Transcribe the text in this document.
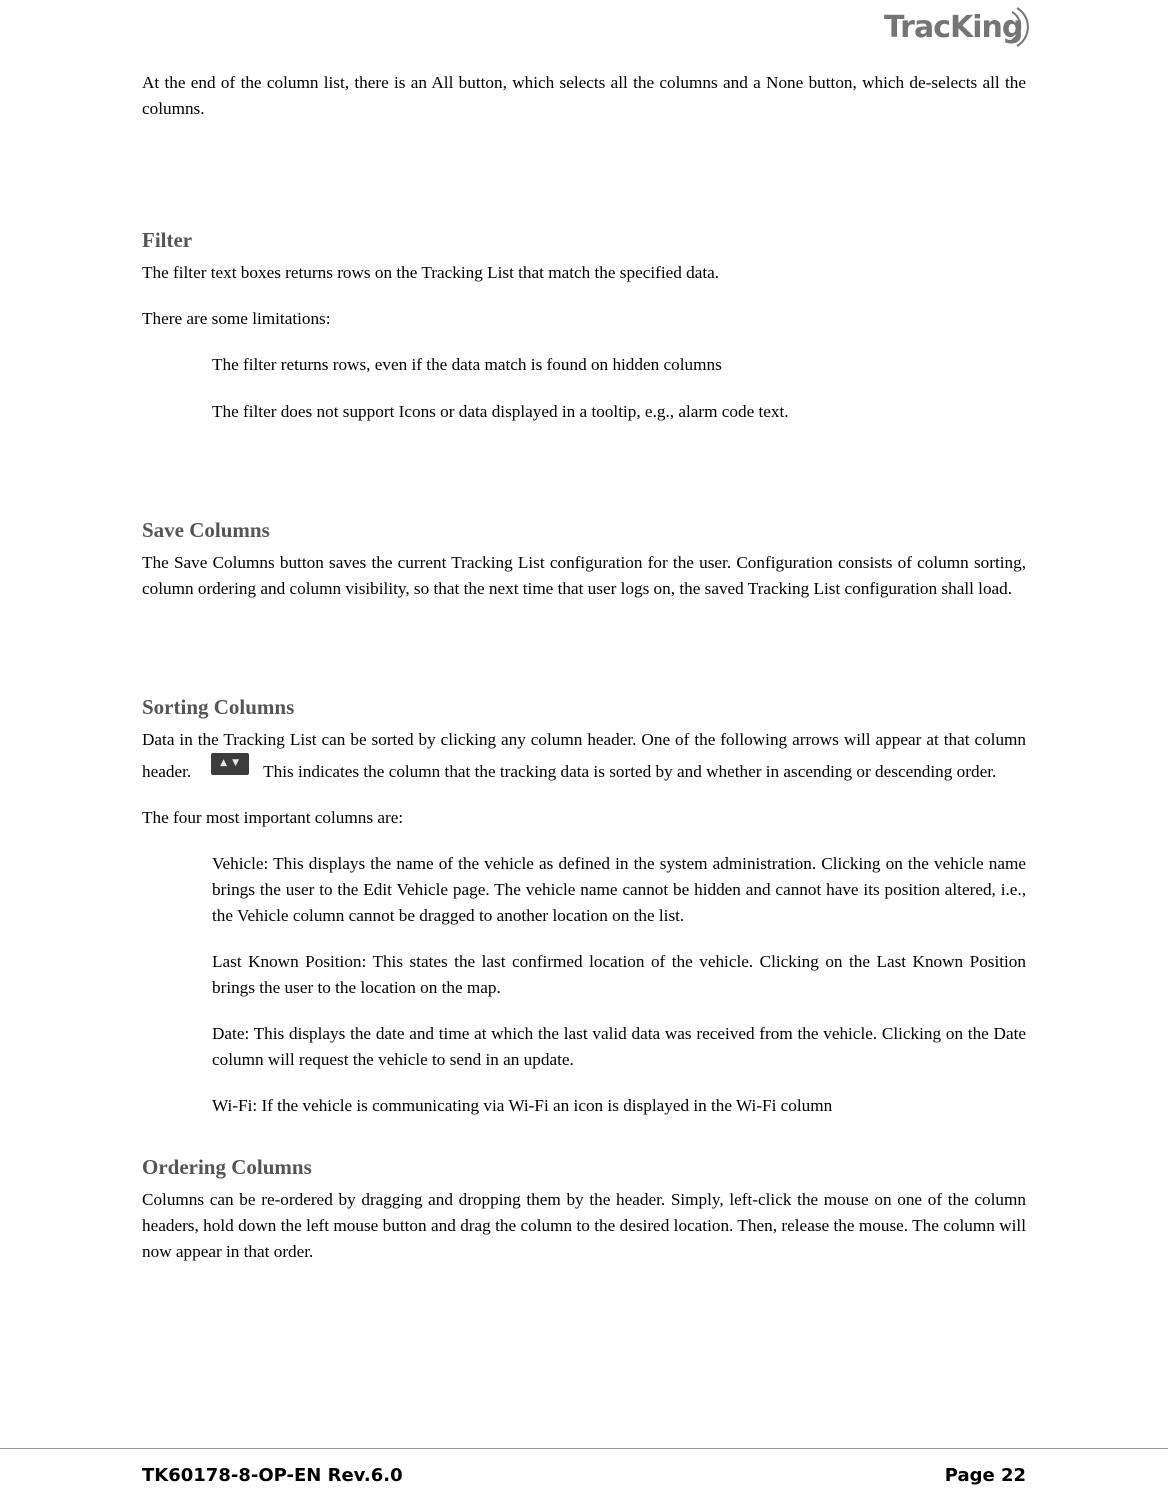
TracKing

At the end of the column list, there is an All button, which selects all the columns and a None button, which de-selects all the columns.

Filter

The filter text boxes returns rows on the Tracking List that match the specified data.

There are some limitations:

The filter returns rows, even if the data match is found on hidden columns

The filter does not support Icons or data displayed in a tooltip, e.g., alarm code text.

Save Columns

The Save Columns button saves the current Tracking List configuration for the user. Configuration consists of column sorting, column ordering and column visibility, so that the next time that user logs on, the saved Tracking List configuration shall load.

Sorting Columns

Data in the Tracking List can be sorted by clicking any column header. One of the following arrows will appear at that column header.	▲ ▼ This indicates the column that the tracking data is sorted by and whether in ascending or descending order.

The four most important columns are:

Vehicle: This displays the name of the vehicle as defined in the system administration. Clicking on the vehicle name brings the user to the Edit Vehicle page. The vehicle name cannot be hidden and cannot have its position altered, i.e., the Vehicle column cannot be dragged to another location on the list.

Last Known Position: This states the last confirmed location of the vehicle. Clicking on the Last Known Position brings the user to the location on the map.

Date: This displays the date and time at which the last valid data was received from the vehicle. Clicking on the Date column will request the vehicle to send in an update.

Wi-Fi: If the vehicle is communicating via Wi-Fi an icon is displayed in the Wi-Fi column

Ordering Columns

Columns can be re-ordered by dragging and dropping them by the header. Simply, left-click the mouse on one of the column headers, hold down the left mouse button and drag the column to the desired location. Then, release the mouse. The column will now appear in that order.

TK60178-8-OP-EN Rev.6.0	Page 22
